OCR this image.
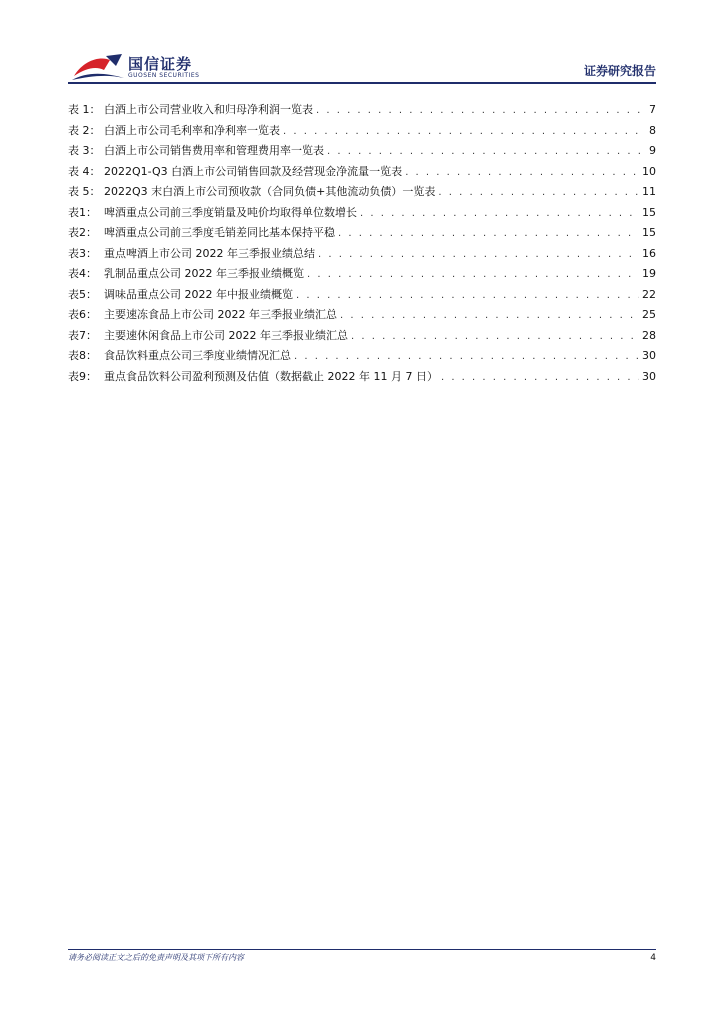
国信证券
GUOSEN SECURITIES	证券研究报告
表 1： 白酒上市公司营业收入和归母净利润一览表 . . .	7
表 2： 白酒上市公司毛利率和净利率一览表 . . .	8
表 3： 白酒上市公司销售费用率和管理费用率一览表 . . .	9
表 4： 2022Q1-Q3 白酒上市公司销售回款及经营现金净流量一览表 . . .	10
表 5： 2022Q3 末白酒上市公司预收款（合同负债+其他流动负债）一览表 . . .	11
表1： 啤酒重点公司前三季度销量及吨价均取得单位数增长 . . .	15
表2： 啤酒重点公司前三季度毛销差同比基本保持平稳 . . .	15
表3： 重点啤酒上市公司 2022 年三季报业绩总结 . . .	16
表4： 乳制品重点公司 2022 年三季报业绩概览 . . .	19
表5： 调味品重点公司 2022 年中报业绩概览 . . .	22
表6： 主要速冻食品上市公司 2022 年三季报业绩汇总 . . .	25
表7： 主要速休闲食品上市公司 2022 年三季报业绩汇总 . . .	28
表8： 食品饮料重点公司三季度业绩情况汇总 . . .	30
表9： 重点食品饮料公司盈利预测及估值（数据截止 2022 年 11 月 7 日） . . .	30
请务必阅读正文之后的免责声明及其项下所有内容	4
